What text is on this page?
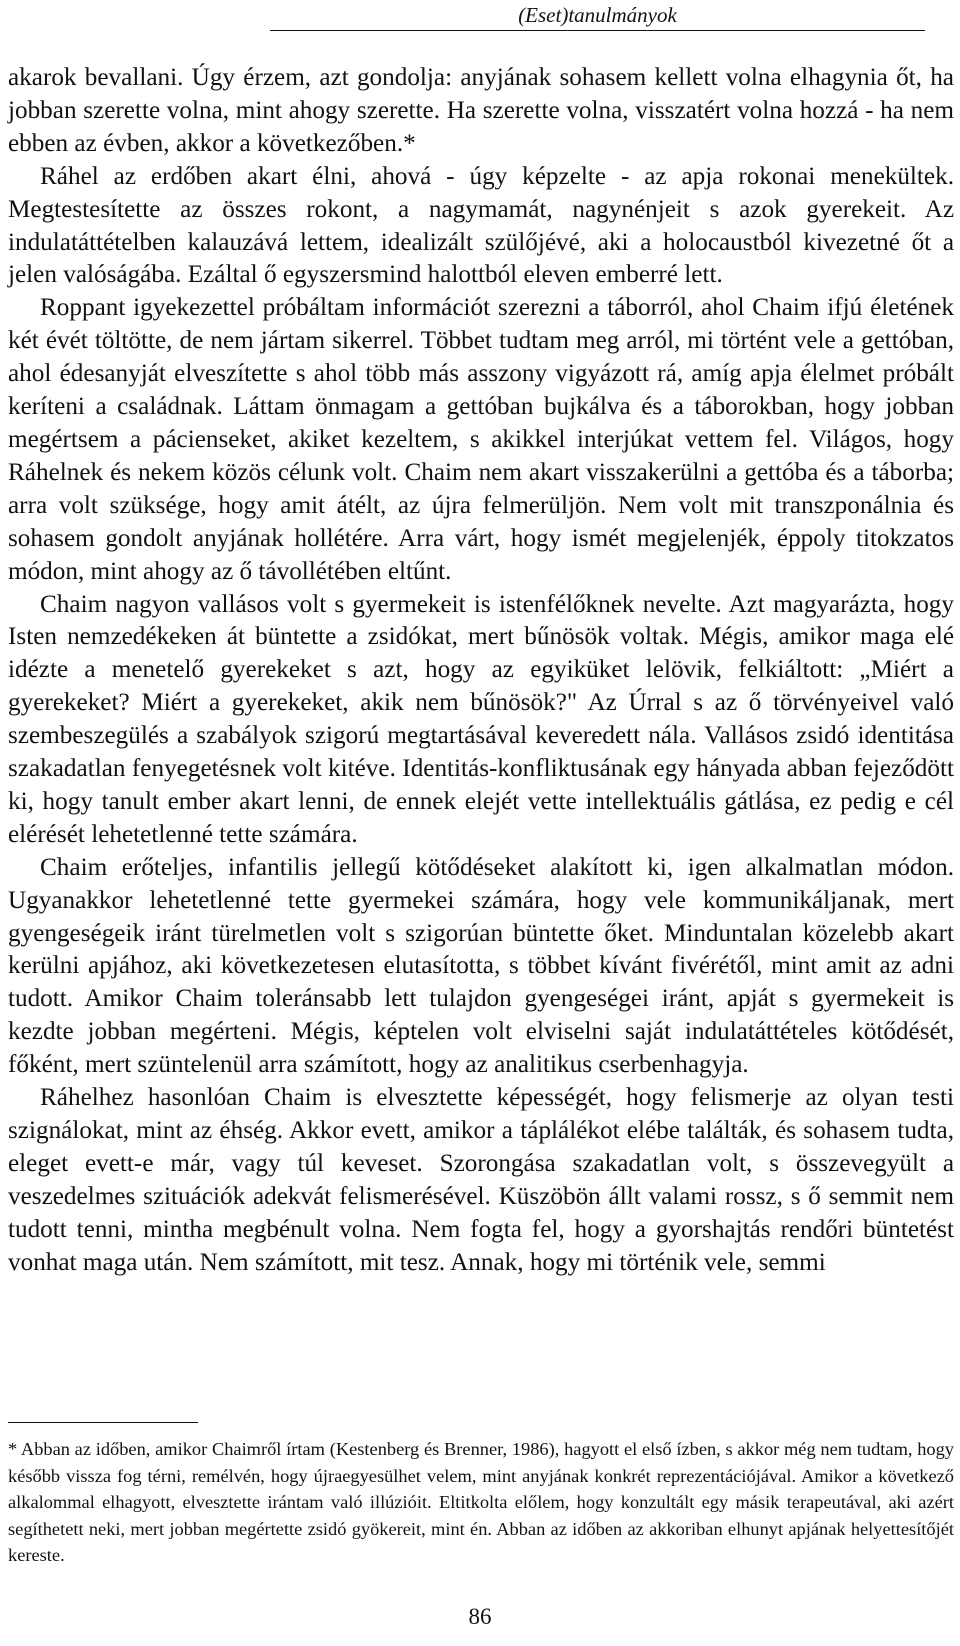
(Eset)tanulmányok

akarok bevallani. Úgy érzem, azt gondolja: anyjának sohasem kellett volna elhagynia őt, ha jobban szerette volna, mint ahogy szerette. Ha szerette volna, visszatért volna hozzá - ha nem ebben az évben, akkor a következőben.*

Ráhel az erdőben akart élni, ahová - úgy képzelte - az apja rokonai menekültek. Megtestesítette az összes rokont, a nagymamát, nagynénjeit s azok gyerekeit. Az indulatáttételben kalauzává lettem, idealizált szülőjévé, aki a holocaustból kivezetné őt a jelen valóságába. Ezáltal ő egyszersmind halottból eleven emberré lett.

Roppant igyekezettel próbáltam információt szerezni a táborról, ahol Chaim ifjú életének két évét töltötte, de nem jártam sikerrel. Többet tudtam meg arról, mi történt vele a gettóban, ahol édesanyját elveszítette s ahol több más asszony vigyázott rá, amíg apja élelmet próbált keríteni a családnak. Láttam önmagam a gettóban bujkálva és a táborokban, hogy jobban megértsem a pácienseket, akiket kezeltem, s akikkel interjúkat vettem fel. Világos, hogy Ráhelnek és nekem közös célunk volt. Chaim nem akart visszakerülni a gettóba és a táborba; arra volt szüksége, hogy amit átélt, az újra felmerüljön. Nem volt mit transzponálnia és sohasem gondolt anyjának hollétére. Arra várt, hogy ismét megjelenjék, éppoly titokzatos módon, mint ahogy az ő távollétében eltűnt.

Chaim nagyon vallásos volt s gyermekeit is istenfélőknek nevelte. Azt magyarázta, hogy Isten nemzedékeken át büntette a zsidókat, mert bűnösök voltak. Mégis, amikor maga elé idézte a menetelő gyerekeket s azt, hogy az egyiküket lelövik, felkiáltott: „Miért a gyerekeket? Miért a gyerekeket, akik nem bűnösök?" Az Úrral s az ő törvényeivel való szembeszegülés a szabályok szigorú megtartásával keveredett nála. Vallásos zsidó identitása szakadatlan fenyegetésnek volt kitéve. Identitás-konfliktusának egy hányada abban fejeződött ki, hogy tanult ember akart lenni, de ennek elejét vette intellektuális gátlása, ez pedig e cél elérését lehetetlenné tette számára.

Chaim erőteljes, infantilis jellegű kötődéseket alakított ki, igen alkalmatlan módon. Ugyanakkor lehetetlenné tette gyermekei számára, hogy vele kommunikáljanak, mert gyengeségeik iránt türelmetlen volt s szigorúan büntette őket. Minduntalan közelebb akart kerülni apjához, aki következetesen elutasította, s többet kívánt fivérétől, mint amit az adni tudott. Amikor Chaim toleránsabb lett tulajdon gyengeségei iránt, apját s gyermekeit is kezdte jobban megérteni. Mégis, képtelen volt elviselni saját indulatáttételes kötődését, főként, mert szüntelenül arra számított, hogy az analitikus cserbenhagyja.

Ráhelhez hasonlóan Chaim is elvesztette képességét, hogy felismerje az olyan testi szignálokat, mint az éhség. Akkor evett, amikor a táplálékot elébe találták, és sohasem tudta, eleget evett-e már, vagy túl keveset. Szorongása szakadatlan volt, s összevegyült a veszedelmes szituációk adekvát felismerésével. Küszöbön állt valami rossz, s ő semmit nem tudott tenni, mintha megbénult volna. Nem fogta fel, hogy a gyorshajtás rendőri büntetést vonhat maga után. Nem számított, mit tesz. Annak, hogy mi történik vele, semmi

* Abban az időben, amikor Chaimről írtam (Kestenberg és Brenner, 1986), hagyott el első ízben, s akkor még nem tudtam, hogy később vissza fog térni, remélvén, hogy újraegyesülhet velem, mint anyjának konkrét reprezentációjával. Amikor a következő alkalommal elhagyott, elvesztette irántam való illúzióit. Eltitkolta előlem, hogy konzultált egy másik terapeutával, aki azért segíthetett neki, mert jobban megértette zsidó gyökereit, mint én. Abban az időben az akkoriban elhunyt apjának helyettesítőjét kereste.

86
